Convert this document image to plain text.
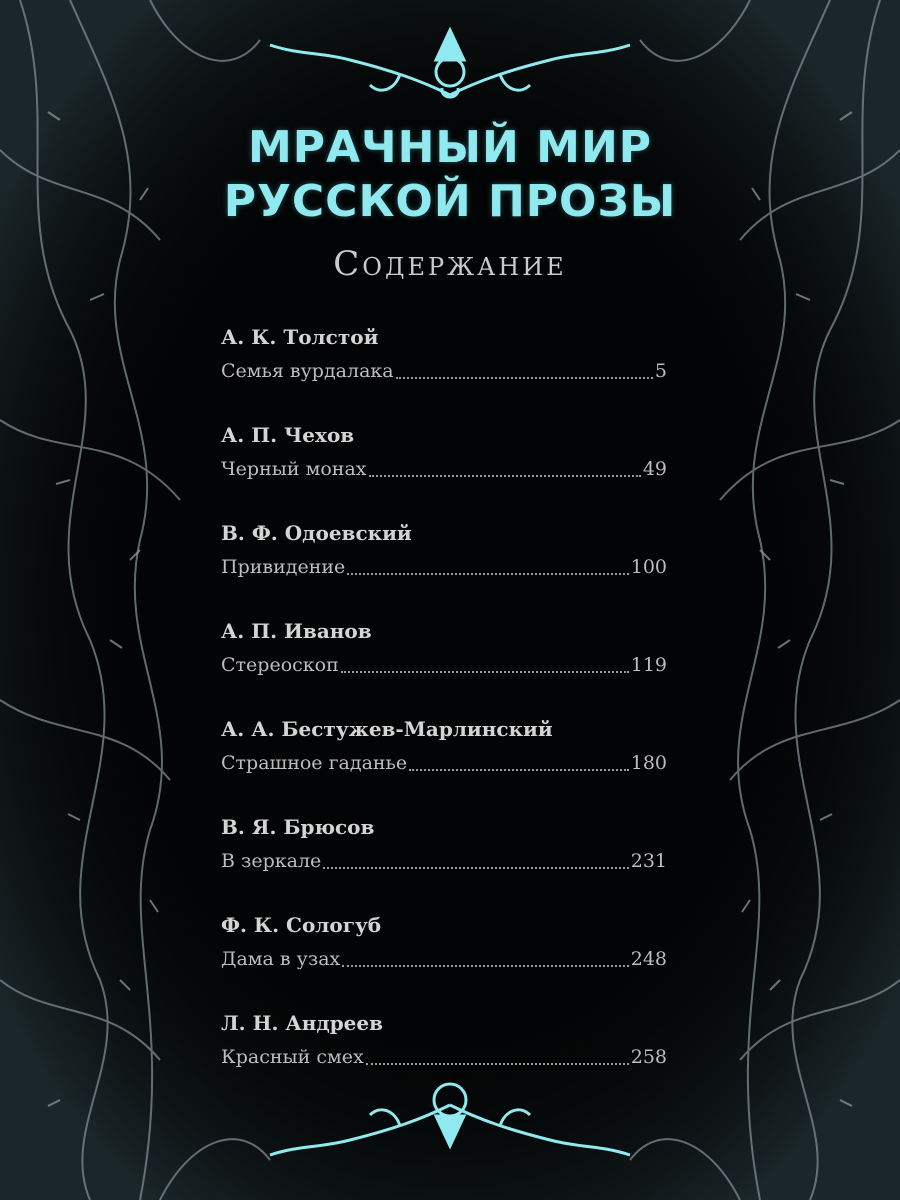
МРАЧНЫЙ МИР
РУССКОЙ ПРОЗЫ
Содержание
А. К. Толстой
Семья вурдалака	5
А. П. Чехов
Черный монах	49
В. Ф. Одоевский
Привидение	100
А. П. Иванов
Стереоскоп	119
А. А. Бестужев-Марлинский
Страшное гаданье	180
В. Я. Брюсов
В зеркале	231
Ф. К. Сологуб
Дама в узах	248
Л. Н. Андреев
Красный смех	258
